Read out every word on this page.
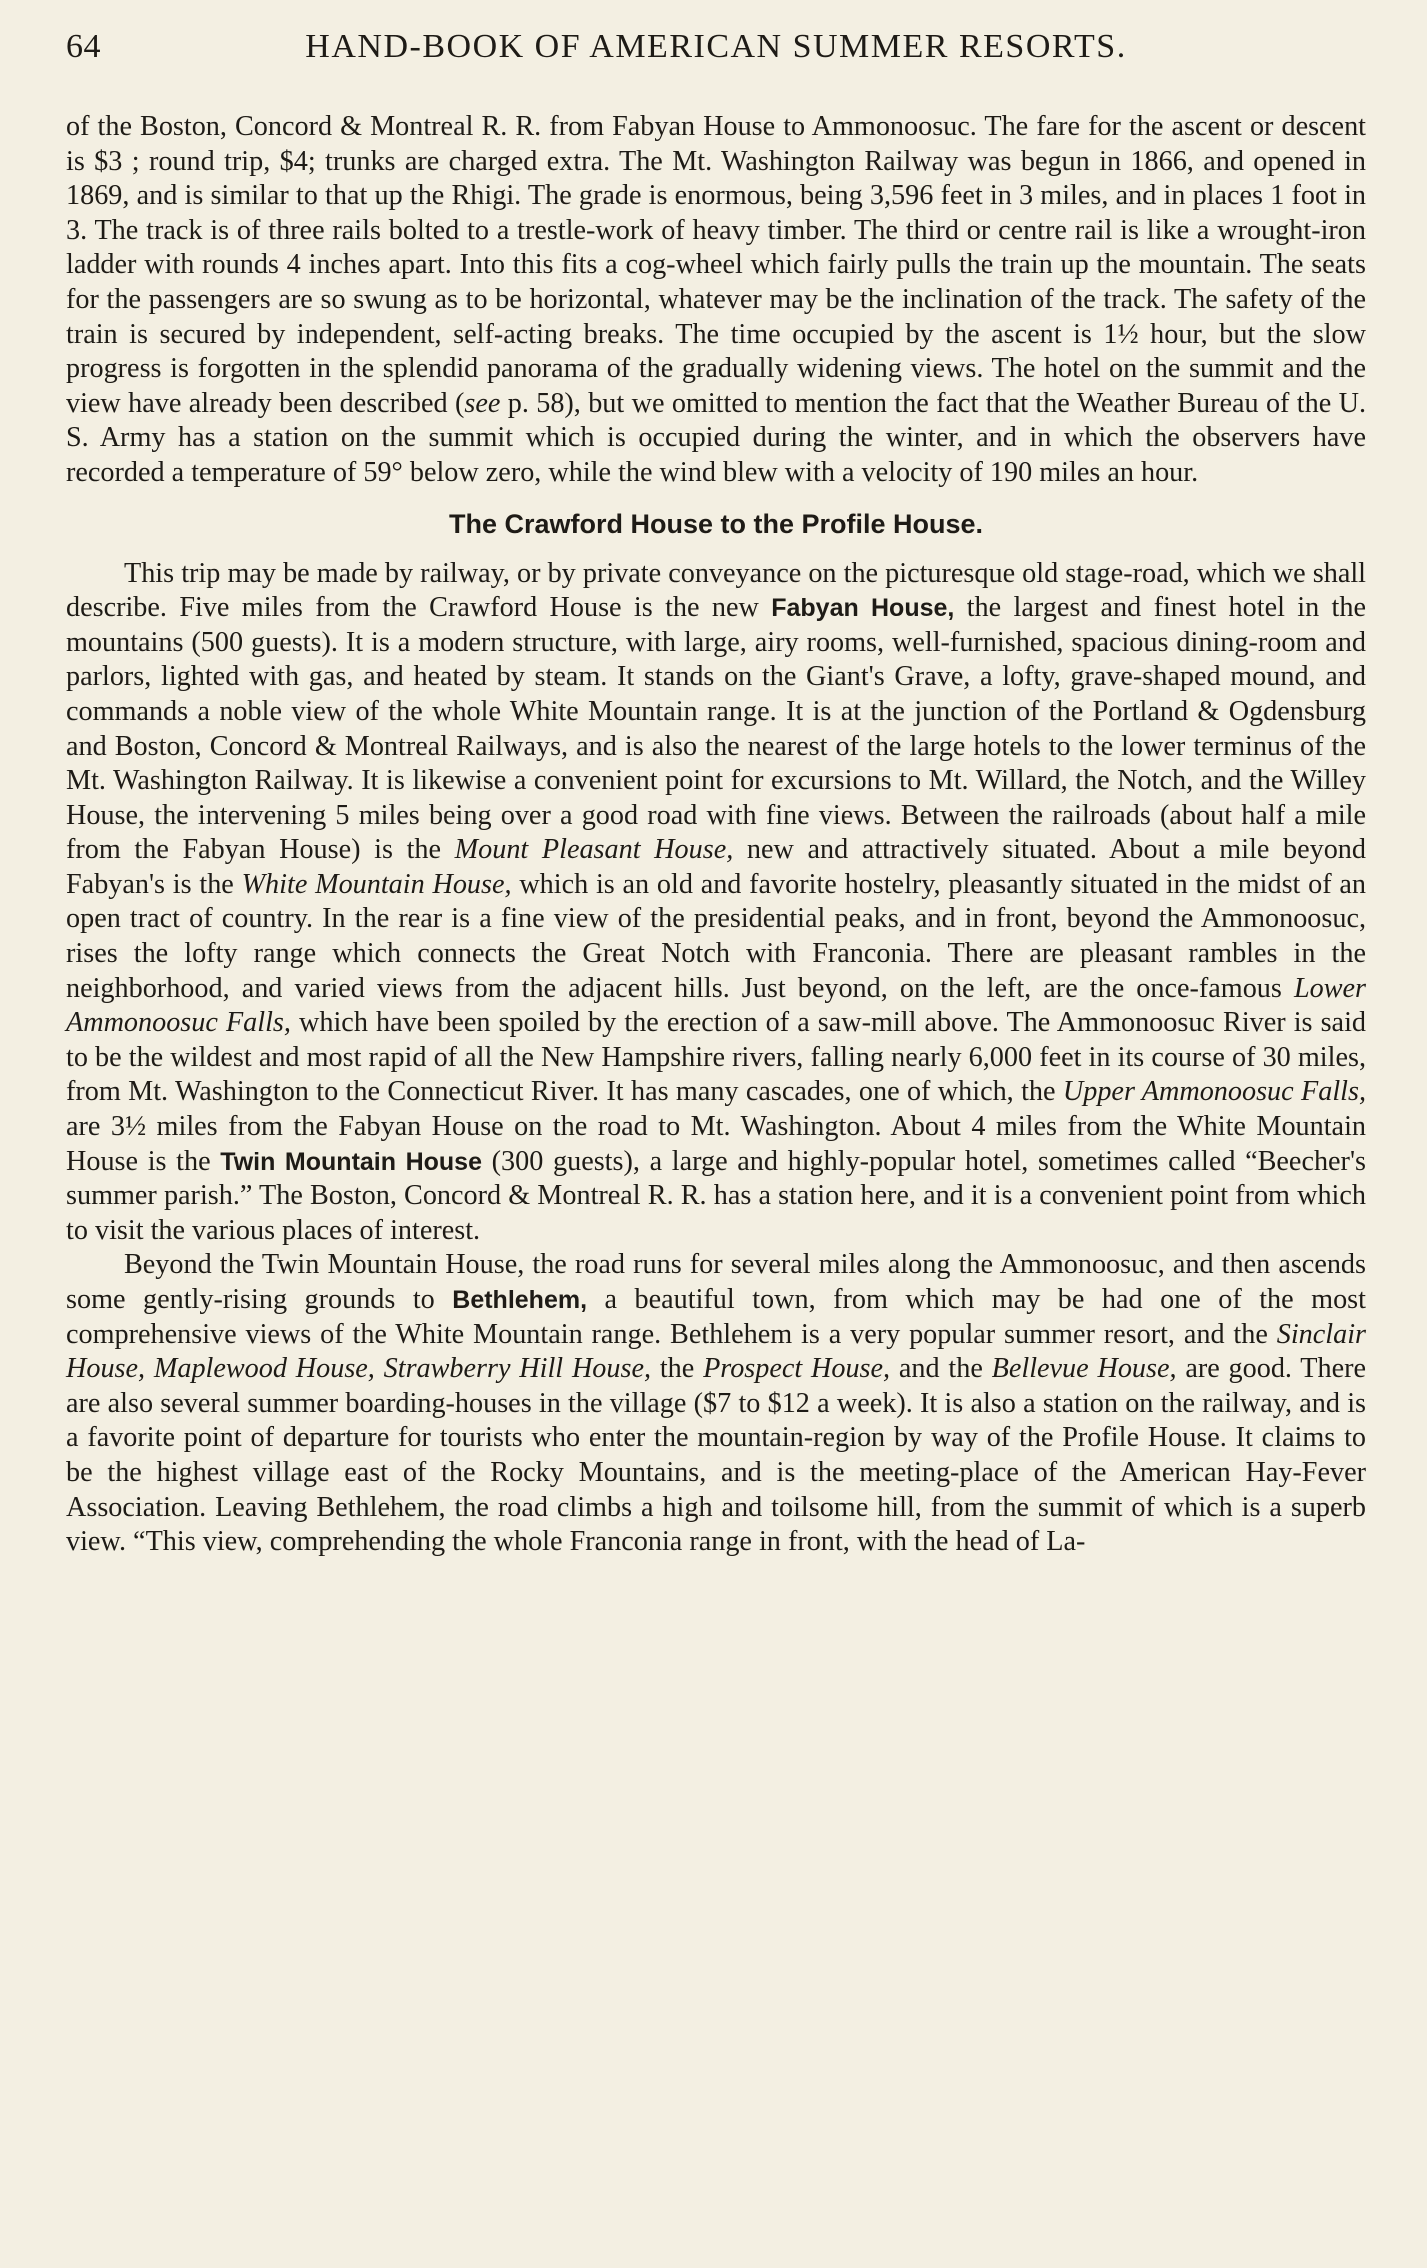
64	HAND-BOOK OF AMERICAN SUMMER RESORTS.

of the Boston, Concord & Montreal R. R. from Fabyan House to Ammonoosuc. The fare for the ascent or descent is $3 ; round trip, $4; trunks are charged extra. The Mt. Washington Railway was begun in 1866, and opened in 1869, and is similar to that up the Rhigi. The grade is enormous, being 3,596 feet in 3 miles, and in places 1 foot in 3. The track is of three rails bolted to a trestle-work of heavy timber. The third or centre rail is like a wrought-iron ladder with rounds 4 inches apart. Into this fits a cog-wheel which fairly pulls the train up the mountain. The seats for the passengers are so swung as to be horizontal, whatever may be the inclination of the track. The safety of the train is secured by independent, self-acting breaks. The time occupied by the ascent is 1½ hour, but the slow progress is forgotten in the splendid panorama of the gradually widening views. The hotel on the summit and the view have already been described (see p. 58), but we omitted to mention the fact that the Weather Bureau of the U. S. Army has a station on the summit which is occupied during the winter, and in which the observers have recorded a temperature of 59° below zero, while the wind blew with a velocity of 190 miles an hour.

The Crawford House to the Profile House.

This trip may be made by railway, or by private conveyance on the picturesque old stage-road, which we shall describe. Five miles from the Crawford House is the new Fabyan House, the largest and finest hotel in the mountains (500 guests). It is a modern structure, with large, airy rooms, well-furnished, spacious dining-room and parlors, lighted with gas, and heated by steam. It stands on the Giant's Grave, a lofty, grave-shaped mound, and commands a noble view of the whole White Mountain range. It is at the junction of the Portland & Ogdensburg and Boston, Concord & Montreal Railways, and is also the nearest of the large hotels to the lower terminus of the Mt. Washington Railway. It is likewise a convenient point for excursions to Mt. Willard, the Notch, and the Willey House, the intervening 5 miles being over a good road with fine views. Between the railroads (about half a mile from the Fabyan House) is the Mount Pleasant House, new and attractively situated. About a mile beyond Fabyan's is the White Mountain House, which is an old and favorite hostelry, pleasantly situated in the midst of an open tract of country. In the rear is a fine view of the presidential peaks, and in front, beyond the Ammonoosuc, rises the lofty range which connects the Great Notch with Franconia. There are pleasant rambles in the neighborhood, and varied views from the adjacent hills. Just beyond, on the left, are the once-famous Lower Ammonoosuc Falls, which have been spoiled by the erection of a saw-mill above. The Ammonoosuc River is said to be the wildest and most rapid of all the New Hampshire rivers, falling nearly 6,000 feet in its course of 30 miles, from Mt. Washington to the Connecticut River. It has many cascades, one of which, the Upper Ammonoosuc Falls, are 3½ miles from the Fabyan House on the road to Mt. Washington. About 4 miles from the White Mountain House is the Twin Mountain House (300 guests), a large and highly-popular hotel, sometimes called “Beecher's summer parish.” The Boston, Concord & Montreal R. R. has a station here, and it is a convenient point from which to visit the various places of interest.

Beyond the Twin Mountain House, the road runs for several miles along the Ammonoosuc, and then ascends some gently-rising grounds to Bethlehem, a beautiful town, from which may be had one of the most comprehensive views of the White Mountain range. Bethlehem is a very popular summer resort, and the Sinclair House, Maplewood House, Strawberry Hill House, the Prospect House, and the Bellevue House, are good. There are also several summer boarding-houses in the village ($7 to $12 a week). It is also a station on the railway, and is a favorite point of departure for tourists who enter the mountain-region by way of the Profile House. It claims to be the highest village east of the Rocky Mountains, and is the meeting-place of the American Hay-Fever Association. Leaving Bethlehem, the road climbs a high and toilsome hill, from the summit of which is a superb view. “This view, comprehending the whole Franconia range in front, with the head of La-
